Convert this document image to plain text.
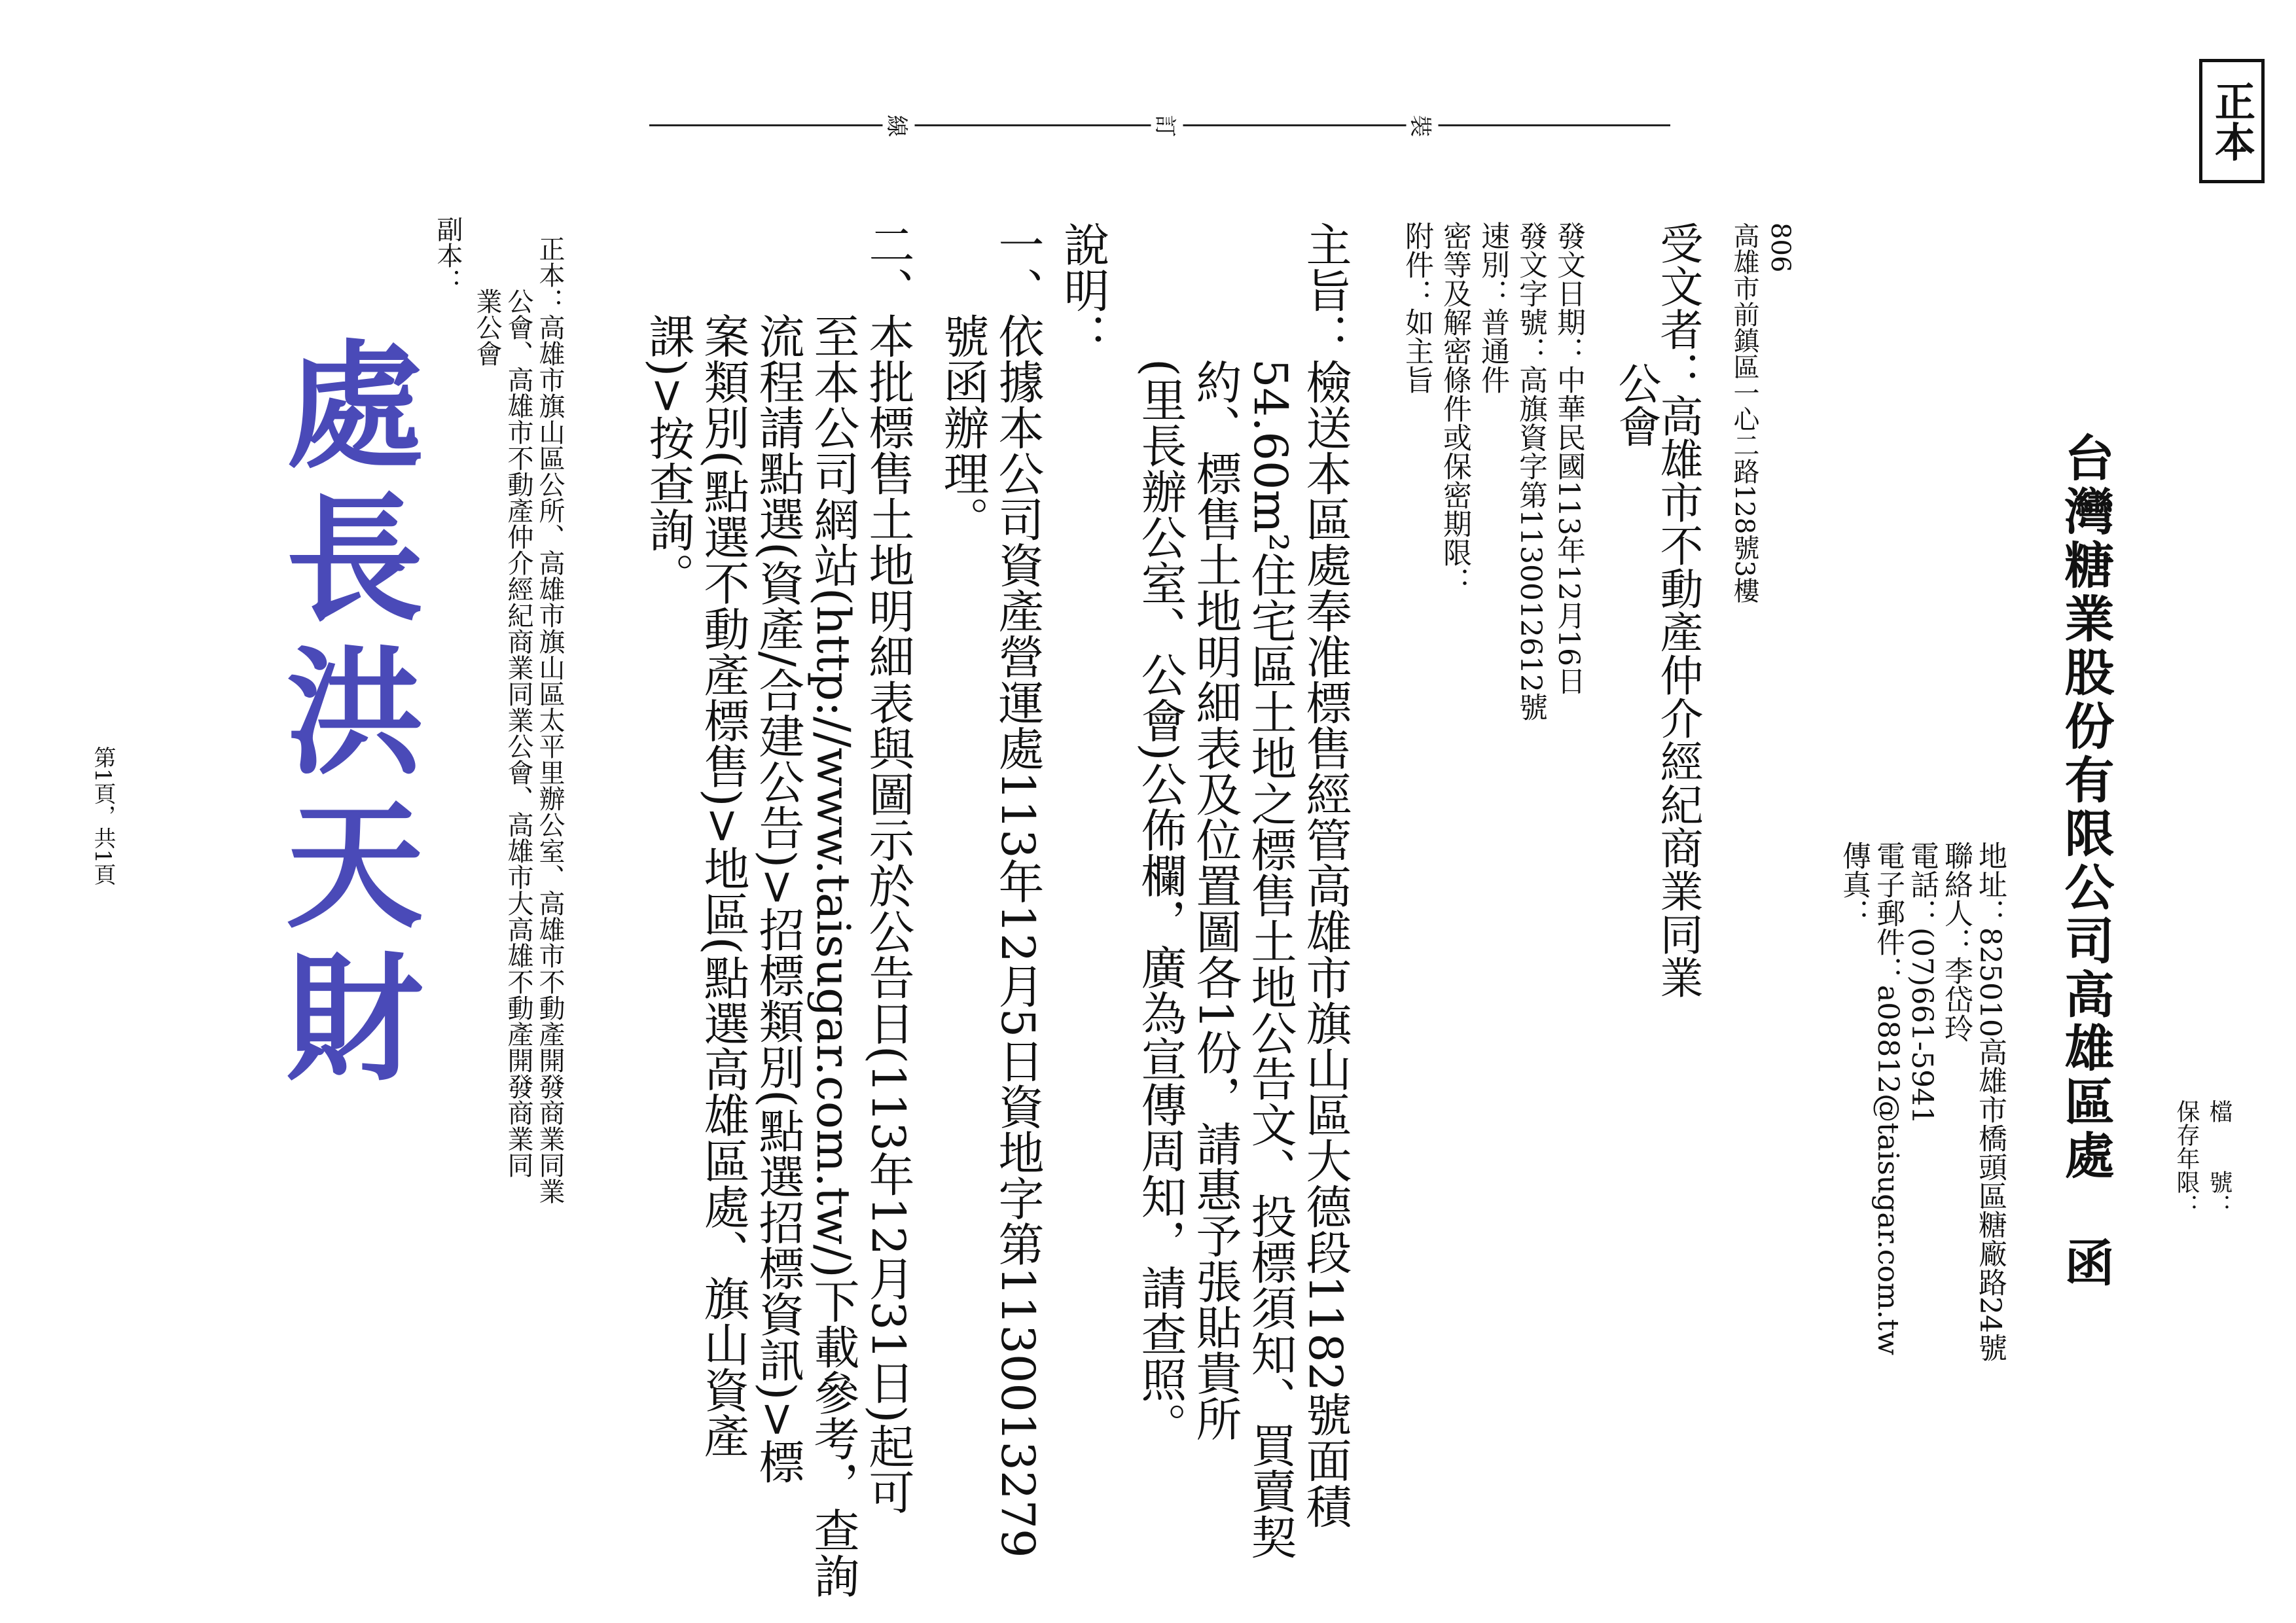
正本
檔　　號：
保存年限：
裝
訂
線
台灣糖業股份有限公司高雄區處　函
地址：825010高雄市橋頭區糖廠路24號
聯絡人：李岱玲
電話：(07)661-5941
電子郵件：a08812@taisugar.com.tw
傳真：
806
高雄市前鎮區一心二路128號3樓
受文者：高雄市不動產仲介經紀商業同業
公會
發文日期：中華民國113年12月16日
發文字號：高旗資字第1130012612號
速別：普通件
密等及解密條件或保密期限：
附件：如主旨
主旨：檢送本區處奉准標售經管高雄市旗山區大德段1182號面積
　　　54.60m²住宅區土地之標售土地公告文、投標須知、買賣契
　　　約、標售土地明細表及位置圖各1份，請惠予張貼貴所
　　　(里長辦公室、公會)公佈欄，廣為宣傳周知，請查照。
說明：
一、依據本公司資產營運處113年12月5日資地字第1130013279
　　號函辦理。
二、本批標售土地明細表與圖示於公告日(113年12月31日)起可
　　至本公司網站(http://www.taisugar.com.tw/)下載參考，查詢
　　流程請點選(資產/合建公告)>招標類別(點選招標資訊)>標
　　案類別(點選不動產標售)>地區(點選高雄區處、旗山資產
　　課)>按查詢。
正本：高雄市旗山區公所、高雄市旗山區太平里辦公室、高雄市不動產開發商業同業
公會、高雄市不動產仲介經紀商業同業公會、高雄市大高雄不動產開發商業同
業公會
副本：
處長洪天財
第1頁，共1頁
